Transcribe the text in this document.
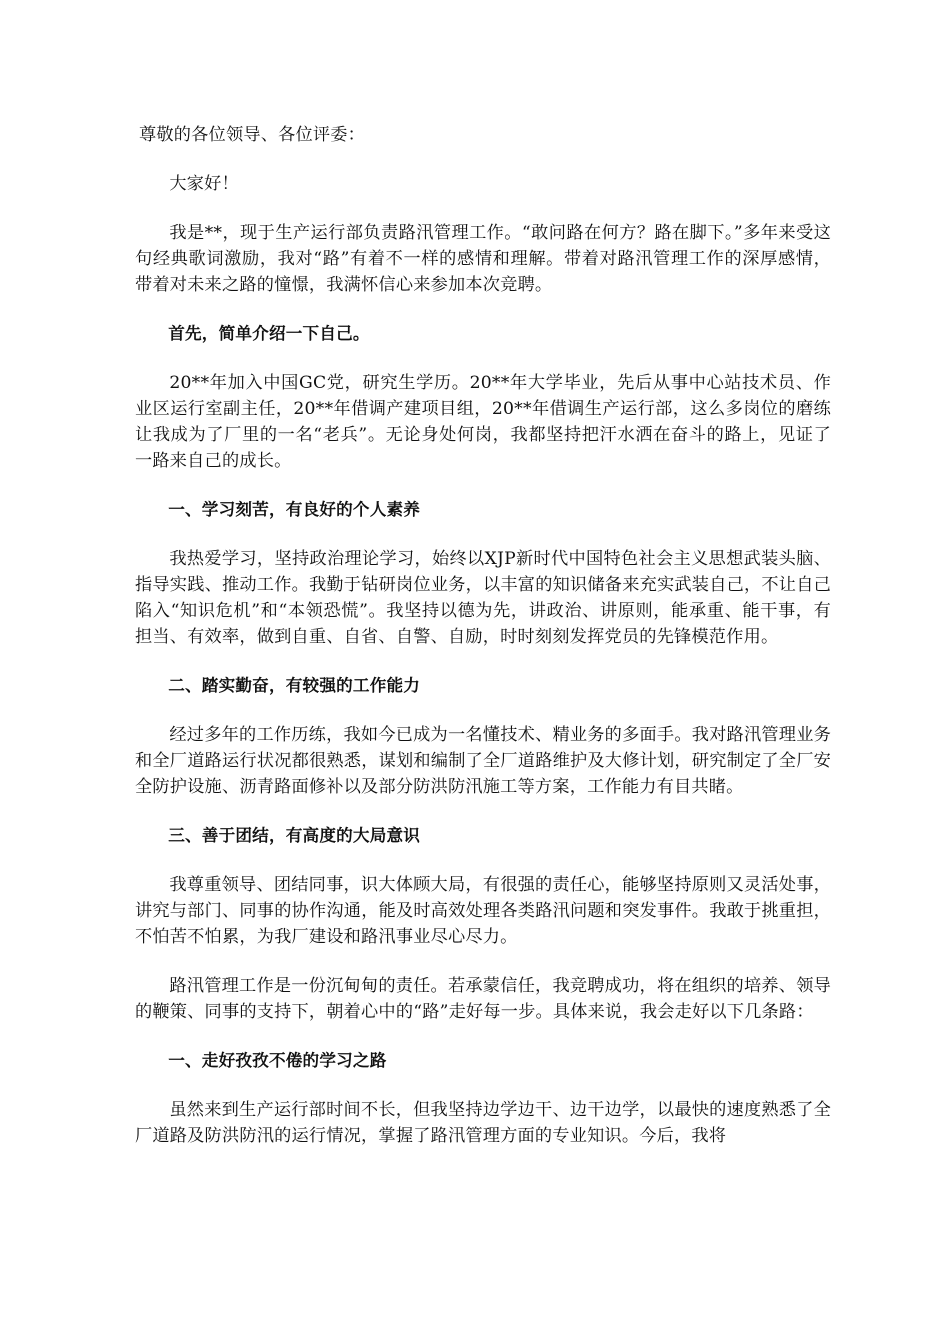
尊敬的各位领导、各位评委：

大家好！

我是**，现于生产运行部负责路汛管理工作。“敢问路在何方？路在脚下。”多年来受这句经典歌词激励，我对“路”有着不一样的感情和理解。带着对路汛管理工作的深厚感情，带着对未来之路的憧憬，我满怀信心来参加本次竞聘。

首先，简单介绍一下自己。

20**年加入中国GC党，研究生学历。20**年大学毕业，先后从事中心站技术员、作业区运行室副主任，20**年借调产建项目组，20**年借调生产运行部，这么多岗位的磨练让我成为了厂里的一名“老兵”。无论身处何岗，我都坚持把汗水洒在奋斗的路上，见证了一路来自己的成长。

一、学习刻苦，有良好的个人素养

我热爱学习，坚持政治理论学习，始终以XJP新时代中国特色社会主义思想武装头脑、指导实践、推动工作。我勤于钻研岗位业务，以丰富的知识储备来充实武装自己，不让自己陷入“知识危机”和“本领恐慌”。我坚持以德为先，讲政治、讲原则，能承重、能干事，有担当、有效率，做到自重、自省、自警、自励，时时刻刻发挥党员的先锋模范作用。

二、踏实勤奋，有较强的工作能力

经过多年的工作历练，我如今已成为一名懂技术、精业务的多面手。我对路汛管理业务和全厂道路运行状况都很熟悉，谋划和编制了全厂道路维护及大修计划，研究制定了全厂安全防护设施、沥青路面修补以及部分防洪防汛施工等方案，工作能力有目共睹。

三、善于团结，有高度的大局意识

我尊重领导、团结同事，识大体顾大局，有很强的责任心，能够坚持原则又灵活处事，讲究与部门、同事的协作沟通，能及时高效处理各类路汛问题和突发事件。我敢于挑重担，不怕苦不怕累，为我厂建设和路汛事业尽心尽力。

路汛管理工作是一份沉甸甸的责任。若承蒙信任，我竞聘成功，将在组织的培养、领导的鞭策、同事的支持下，朝着心中的“路”走好每一步。具体来说，我会走好以下几条路：

一、走好孜孜不倦的学习之路

虽然来到生产运行部时间不长，但我坚持边学边干、边干边学，以最快的速度熟悉了全厂道路及防洪防汛的运行情况，掌握了路汛管理方面的专业知识。今后，我将
